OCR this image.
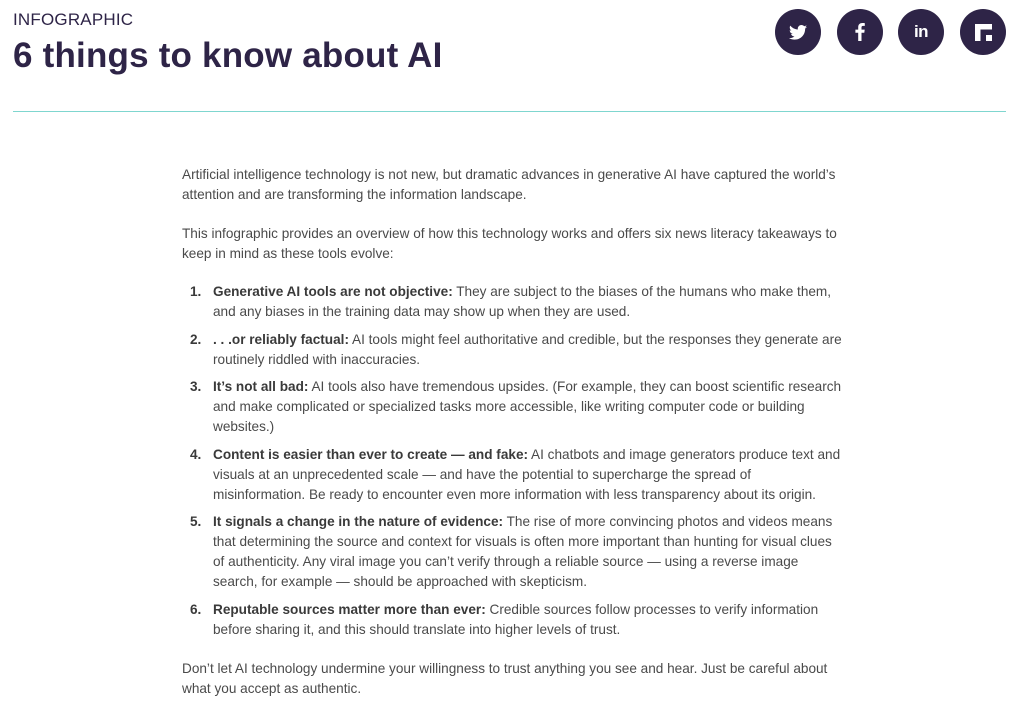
INFOGRAPHIC
6 things to know about AI
in

Artificial intelligence technology is not new, but dramatic advances in generative AI have captured the world’s attention and are transforming the information landscape.

This infographic provides an overview of how this technology works and offers six news literacy takeaways to keep in mind as these tools evolve:

1. Generative AI tools are not objective: They are subject to the biases of the humans who make them, and any biases in the training data may show up when they are used.
2. . . .or reliably factual: AI tools might feel authoritative and credible, but the responses they generate are routinely riddled with inaccuracies.
3. It’s not all bad: AI tools also have tremendous upsides. (For example, they can boost scientific research and make complicated or specialized tasks more accessible, like writing computer code or building websites.)
4. Content is easier than ever to create — and fake: AI chatbots and image generators produce text and visuals at an unprecedented scale — and have the potential to supercharge the spread of misinformation. Be ready to encounter even more information with less transparency about its origin.
5. It signals a change in the nature of evidence: The rise of more convincing photos and videos means that determining the source and context for visuals is often more important than hunting for visual clues of authenticity. Any viral image you can’t verify through a reliable source — using a reverse image search, for example — should be approached with skepticism.
6. Reputable sources matter more than ever: Credible sources follow processes to verify information before sharing it, and this should translate into higher levels of trust.

Don’t let AI technology undermine your willingness to trust anything you see and hear. Just be careful about what you accept as authentic.
